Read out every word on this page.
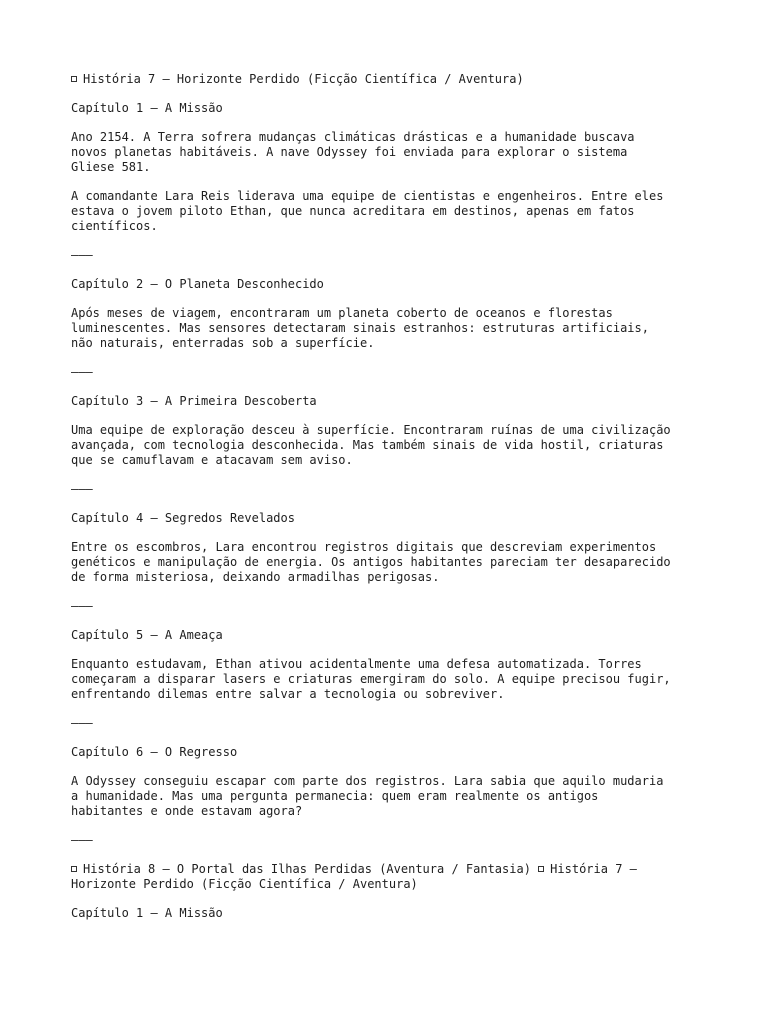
História 7 – Horizonte Perdido (Ficção Científica / Aventura)

Capítulo 1 – A Missão

Ano 2154. A Terra sofrera mudanças climáticas drásticas e a humanidade buscava
novos planetas habitáveis. A nave Odyssey foi enviada para explorar o sistema
Gliese 581.

A comandante Lara Reis liderava uma equipe de cientistas e engenheiros. Entre eles
estava o jovem piloto Ethan, que nunca acreditara em destinos, apenas em fatos
científicos.

———

Capítulo 2 – O Planeta Desconhecido

Após meses de viagem, encontraram um planeta coberto de oceanos e florestas
luminescentes. Mas sensores detectaram sinais estranhos: estruturas artificiais,
não naturais, enterradas sob a superfície.

———

Capítulo 3 – A Primeira Descoberta

Uma equipe de exploração desceu à superfície. Encontraram ruínas de uma civilização
avançada, com tecnologia desconhecida. Mas também sinais de vida hostil, criaturas
que se camuflavam e atacavam sem aviso.

———

Capítulo 4 – Segredos Revelados

Entre os escombros, Lara encontrou registros digitais que descreviam experimentos
genéticos e manipulação de energia. Os antigos habitantes pareciam ter desaparecido
de forma misteriosa, deixando armadilhas perigosas.

———

Capítulo 5 – A Ameaça

Enquanto estudavam, Ethan ativou acidentalmente uma defesa automatizada. Torres
começaram a disparar lasers e criaturas emergiram do solo. A equipe precisou fugir,
enfrentando dilemas entre salvar a tecnologia ou sobreviver.

———

Capítulo 6 – O Regresso

A Odyssey conseguiu escapar com parte dos registros. Lara sabia que aquilo mudaria
a humanidade. Mas uma pergunta permanecia: quem eram realmente os antigos
habitantes e onde estavam agora?

———

História 8 – O Portal das Ilhas Perdidas (Aventura / Fantasia) História 7 –
Horizonte Perdido (Ficção Científica / Aventura)

Capítulo 1 – A Missão
